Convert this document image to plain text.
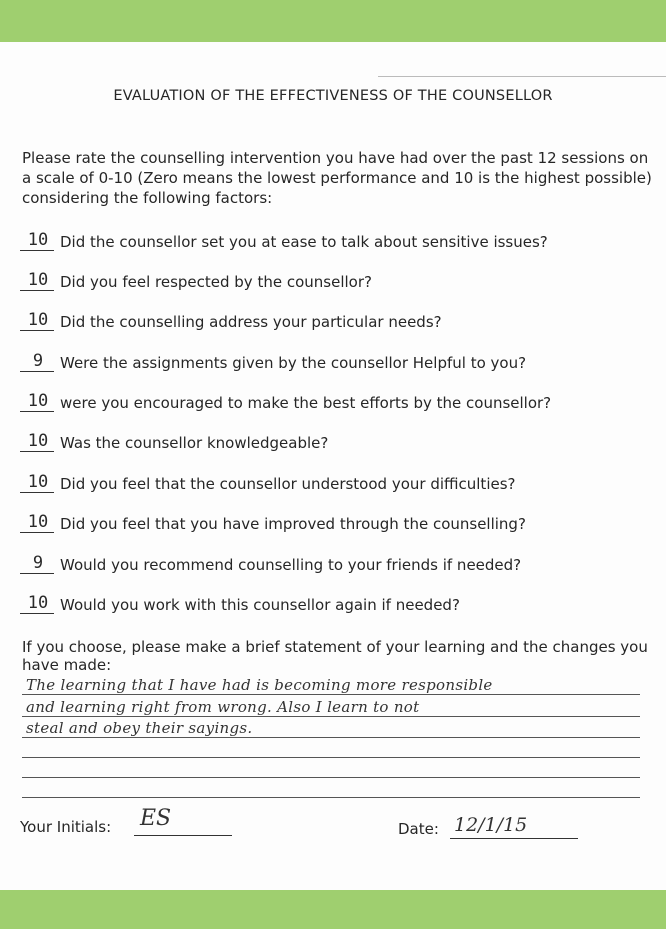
EVALUATION OF THE EFFECTIVENESS OF THE COUNSELLOR
Please rate the counselling intervention you have had over the past 12 sessions on a scale of 0-10 (Zero means the lowest performance and 10 is the highest possible) considering the following factors:
10 Did the counsellor set you at ease to talk about sensitive issues?
10 Did you feel respected by the counsellor?
10 Did the counselling address your particular needs?
9	Were the assignments given by the counsellor Helpful to you?
10 were you encouraged to make the best efforts by the counsellor?
10 Was the counsellor knowledgeable?
10 Did you feel that the counsellor understood your difficulties?
10 Did you feel that you have improved through the counselling?
9	Would you recommend counselling to your friends if needed?
10 Would you work with this counsellor again if needed?
If you choose, please make a brief statement of your learning and the changes you have made:
The learning that I have had is becoming more responsible
and learning right from wrong. Also I learn to not
steal and obey their sayings.
Your Initials: ES	Date: 12/1/15
